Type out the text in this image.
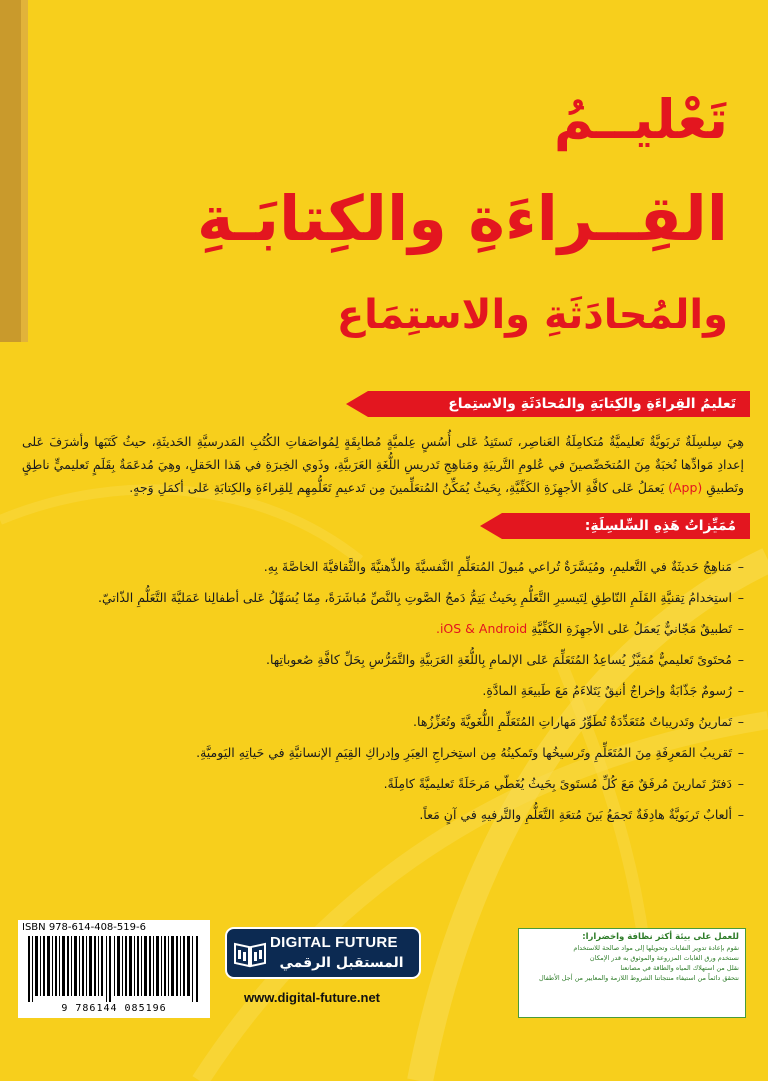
تَعْليــمُ
القِــراءَةِ والكِتابَـةِ
والمُحادَثَةِ والاستِمَاع
تَعليمُ القِراءَةِ والكِتابَةِ والمُحادَثَةِ والاستِماع

هِيَ سِلسِلَةٌ تَربَويَّةٌ تَعليميَّةٌ مُتكامِلَةُ العَناصِر، تَستَنِدُ عَلى أُسُسٍ عِلميَّةٍ مُطابِقَةٍ لِمُواصَفاتِ الكُتُبِ المَدرسيَّةِ الحَديثَةِ، حيثُ كَتَبَها وأشرَفَ عَلى إعدادِ مَوادِّها نُخبَةٌ مِنَ المُتخَصِّصينَ في عُلومِ التَّربيَةِ ومَناهِجِ تَدريسِ اللُّغَةِ العَرَبيَّةِ، وذَوي الخِبرَةِ في هَذا الحَقلِ، وهِيَ مُدعَمَةٌ بِقَلَمٍ تَعليميٍّ ناطِقٍ وتَطبيقِ (App) يَعمَلُ عَلى كافَّةِ الأجهِزَةِ الكَفِّيَّةِ، بِحَيثُ يُمَكِّنُ المُتعَلِّمينَ مِن تَدعيمِ تَعَلُّمِهِم لِلقِراءَةِ والكِتابَةِ عَلى أكمَلِ وَجهٍ.

مُمَيِّزاتُ هَذِهِ السِّلسِلَةِ:
– مَناهِجُ حَديثَةٌ في التَّعليمِ، ومُيَسَّرَةٌ تُراعي مُيولَ المُتعَلِّمِ النَّفسيَّةَ والذِّهنيَّةَ والثَّقافيَّةَ الخاصَّةَ بِهِ.
– استِخدامُ تِقنيَّةِ القَلَمِ النّاطِقِ لِتَيسيرِ التَّعَلُّمِ بِحَيثُ يَتِمُّ دَمجُ الصَّوتِ بِالنَّصِّ مُباشَرَةً، مِمّا يُسَهِّلُ عَلى أطفالِنا عَمَليَّةَ التَّعَلُّمِ الذّاتيّ.
– تَطبيقٌ مَجّانيٌّ يَعمَلُ عَلى الأجهِزَةِ الكَفِّيَّةِ iOS & Android.
– مُحتَوىً تَعليميٌّ مُمَيَّزٌ يُساعِدُ المُتَعَلِّمَ عَلى الإلمامِ بِاللُّغَةِ العَرَبيَّةِ والتَّمَرُّسِ بِحَلِّ كافَّةِ صُعوباتِها.
– رُسومٌ جَذّابَةٌ وإخراجٌ أنيقٌ يَتَلاءَمُ مَعَ طَبيعَةِ المادَّةِ.
– تَمارينُ وتَدريباتٌ مُتَعَدِّدَةٌ تُطَوِّرُ مَهاراتِ المُتَعَلِّمِ اللُّغَويَّةَ وتُعَزِّزُها.
– تَقريبُ المَعرِفَةِ مِنَ المُتَعَلِّمِ وتَرسيخُها وتَمكينُهُ مِن استِخراجِ العِبَرِ وإدراكِ القِيَمِ الإنسانيَّةِ في حَياتِهِ اليَوميَّةِ.
– دَفتَرُ تَمارينَ مُرفَقٌ مَعَ كُلِّ مُستَوىً بِحَيثُ يُغَطّي مَرحَلَةً تَعليميَّةً كامِلَةً.
– ألعابٌ تَربَويَّةٌ هادِفَةٌ تَجمَعُ بَينَ مُتعَةِ التَّعَلُّمِ والتَّرفيهِ في آنٍ مَعاً.
ISBN 978-614-408-519-6
9 786144 085196
DIGITAL FUTURE
المستقبل الرقمي
www.digital-future.net
للعمل على بيئة أكثر نظافة واخضرارا:
نقوم بإعادة تدوير النفايات وتحويلها إلى مواد صالحة للاستخدام
نستخدم ورق الغابات المزروعة والموثوق به قدر الإمكان
نقلل من استهلاك المياه والطاقة في مصانعنا
نتحقق دائماً من استيفاء منتجاتنا الشروط اللازمة والمعايير من أجل الأطفال
